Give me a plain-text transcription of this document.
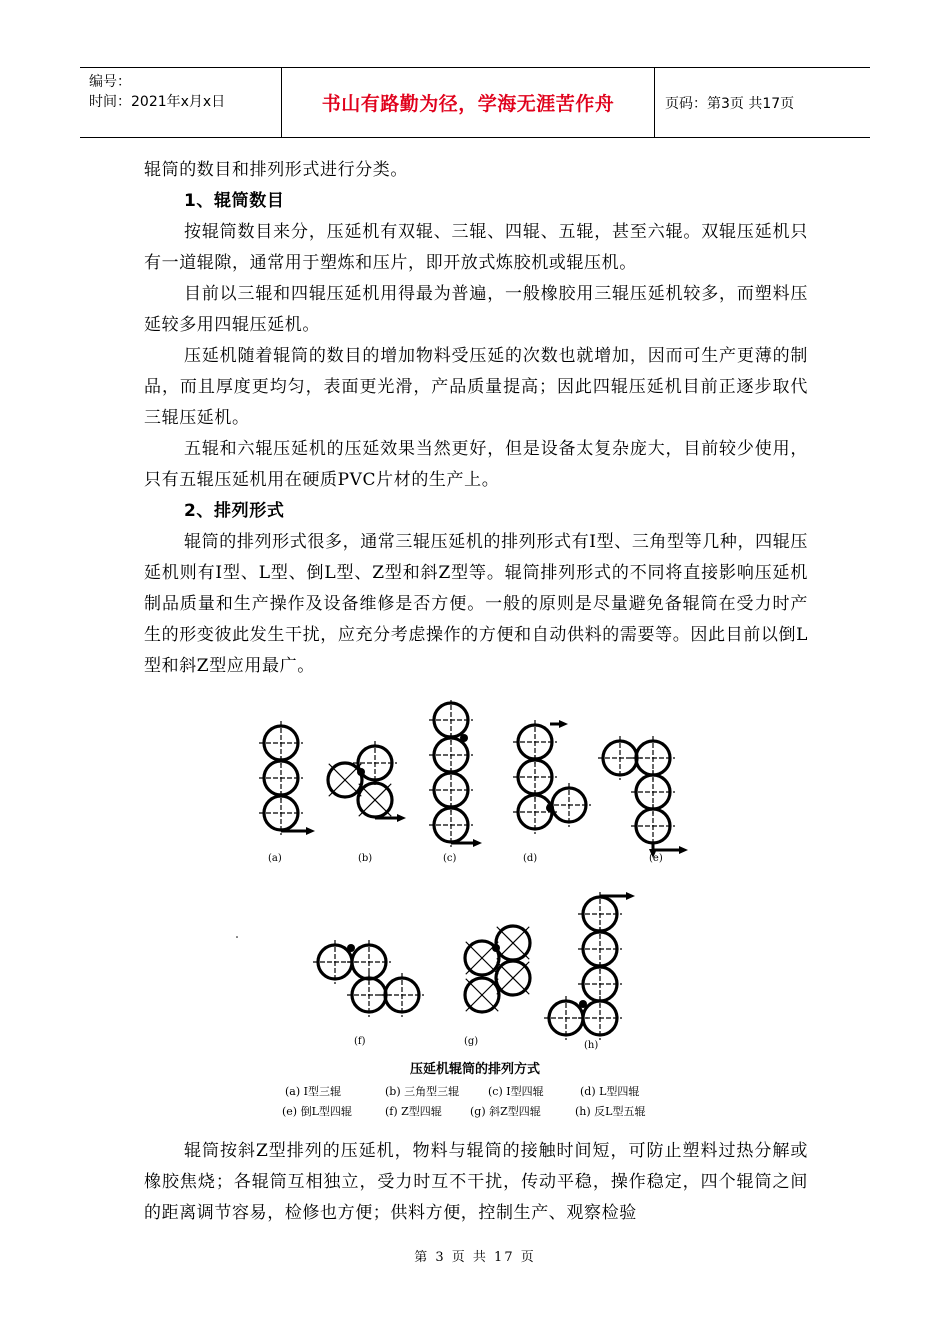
编号：
时间：2021年x月x日	书山有路勤为径，学海无涯苦作舟	页码：第3页 共17页

辊筒的数目和排列形式进行分类。

1、辊筒数目

按辊筒数目来分，压延机有双辊、三辊、四辊、五辊，甚至六辊。双辊压延机只有一道辊隙，通常用于塑炼和压片，即开放式炼胶机或辊压机。

目前以三辊和四辊压延机用得最为普遍，一般橡胶用三辊压延机较多，而塑料压延较多用四辊压延机。

压延机随着辊筒的数目的增加物料受压延的次数也就增加，因而可生产更薄的制品，而且厚度更均匀，表面更光滑，产品质量提高；因此四辊压延机目前正逐步取代三辊压延机。

五辊和六辊压延机的压延效果当然更好，但是设备太复杂庞大，目前较少使用，只有五辊压延机用在硬质PVC片材的生产上。

2、排列形式

辊筒的排列形式很多，通常三辊压延机的排列形式有I型、三角型等几种，四辊压延机则有I型、L型、倒L型、Z型和斜Z型等。辊筒排列形式的不同将直接影响压延机制品质量和生产操作及设备维修是否方便。一般的原则是尽量避免备辊筒在受力时产生的形变彼此发生干扰，应充分考虑操作的方便和自动供料的需要等。因此目前以倒L型和斜Z型应用最广。

(a)	(b)	(c)	(d)	(e)
(f)	(g)	(h)
压延机辊筒的排列方式
(a) Ⅰ型三辊	(b) 三角型三辊	(c) Ⅰ型四辊	(d) L型四辊
(e) 倒L型四辊	(f) Z型四辊	(g) 斜Z型四辊	(h) 反L型五辊

辊筒按斜Z型排列的压延机，物料与辊筒的接触时间短，可防止塑料过热分解或橡胶焦烧；各辊筒互相独立，受力时互不干扰，传动平稳，操作稳定，四个辊筒之间的距离调节容易，检修也方便；供料方便，控制生产、观察检验

第 3 页 共 17 页
